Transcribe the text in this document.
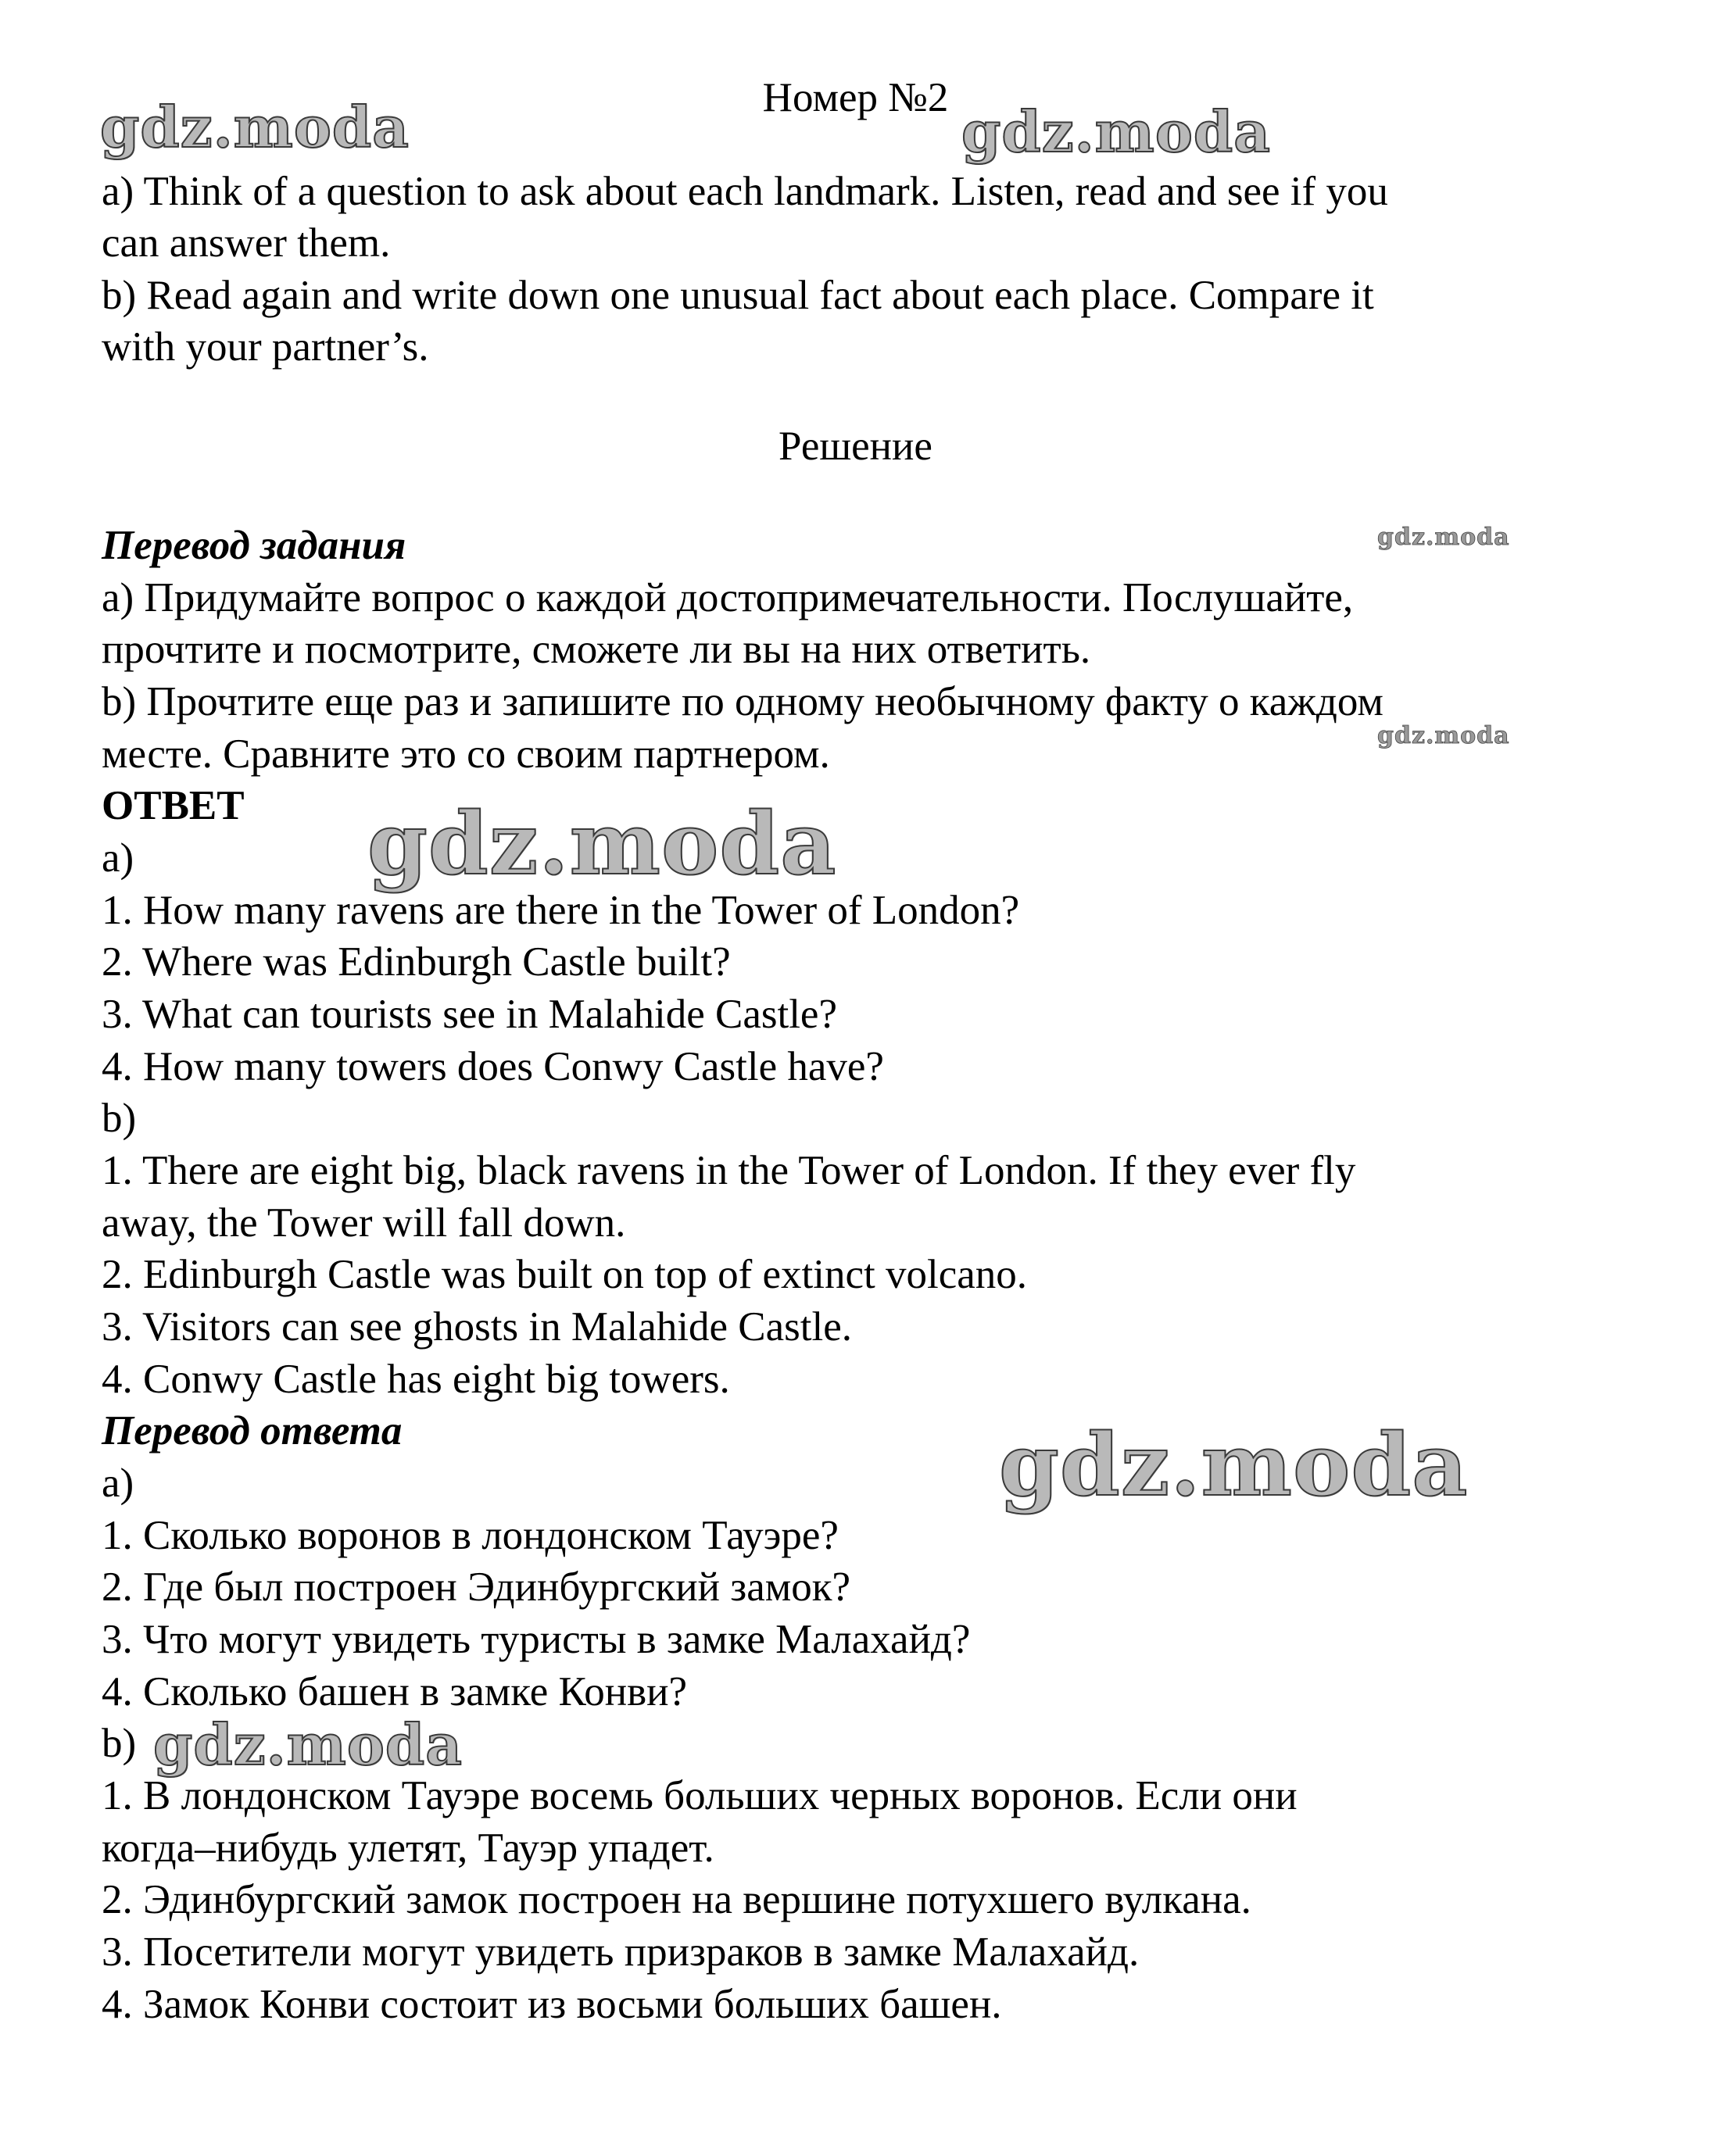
Номер №2
a) Think of a question to ask about each landmark. Listen, read and see if you
can answer them.
b) Read again and write down one unusual fact about each place. Compare it
with your partner’s.
Решение
Перевод задания
a) Придумайте вопрос о каждой достопримечательности. Послушайте,
прочтите и посмотрите, сможете ли вы на них ответить.
b) Прочтите еще раз и запишите по одному необычному факту о каждом
месте. Сравните это со своим партнером.
ОТВЕТ
a)
1. How many ravens are there in the Tower of London?
2. Where was Edinburgh Castle built?
3. What can tourists see in Malahide Castle?
4. How many towers does Conwy Castle have?
b)
1. There are eight big, black ravens in the Tower of London. If they ever fly
away, the Tower will fall down.
2. Edinburgh Castle was built on top of extinct volcano.
3. Visitors can see ghosts in Malahide Castle.
4. Conwy Castle has eight big towers.
Перевод ответа
a)
1. Сколько воронов в лондонском Тауэре?
2. Где был построен Эдинбургский замок?
3. Что могут увидеть туристы в замке Малахайд?
4. Сколько башен в замке Конви?
b)
1. В лондонском Тауэре восемь больших черных воронов. Если они
когда–нибудь улетят, Тауэр упадет.
2. Эдинбургский замок построен на вершине потухшего вулкана.
3. Посетители могут увидеть призраков в замке Малахайд.
4. Замок Конви состоит из восьми больших башен.
gdz.moda	gdz.moda
gdz.moda
gdz.moda
gdz.moda
gdz.moda
gdz.moda
